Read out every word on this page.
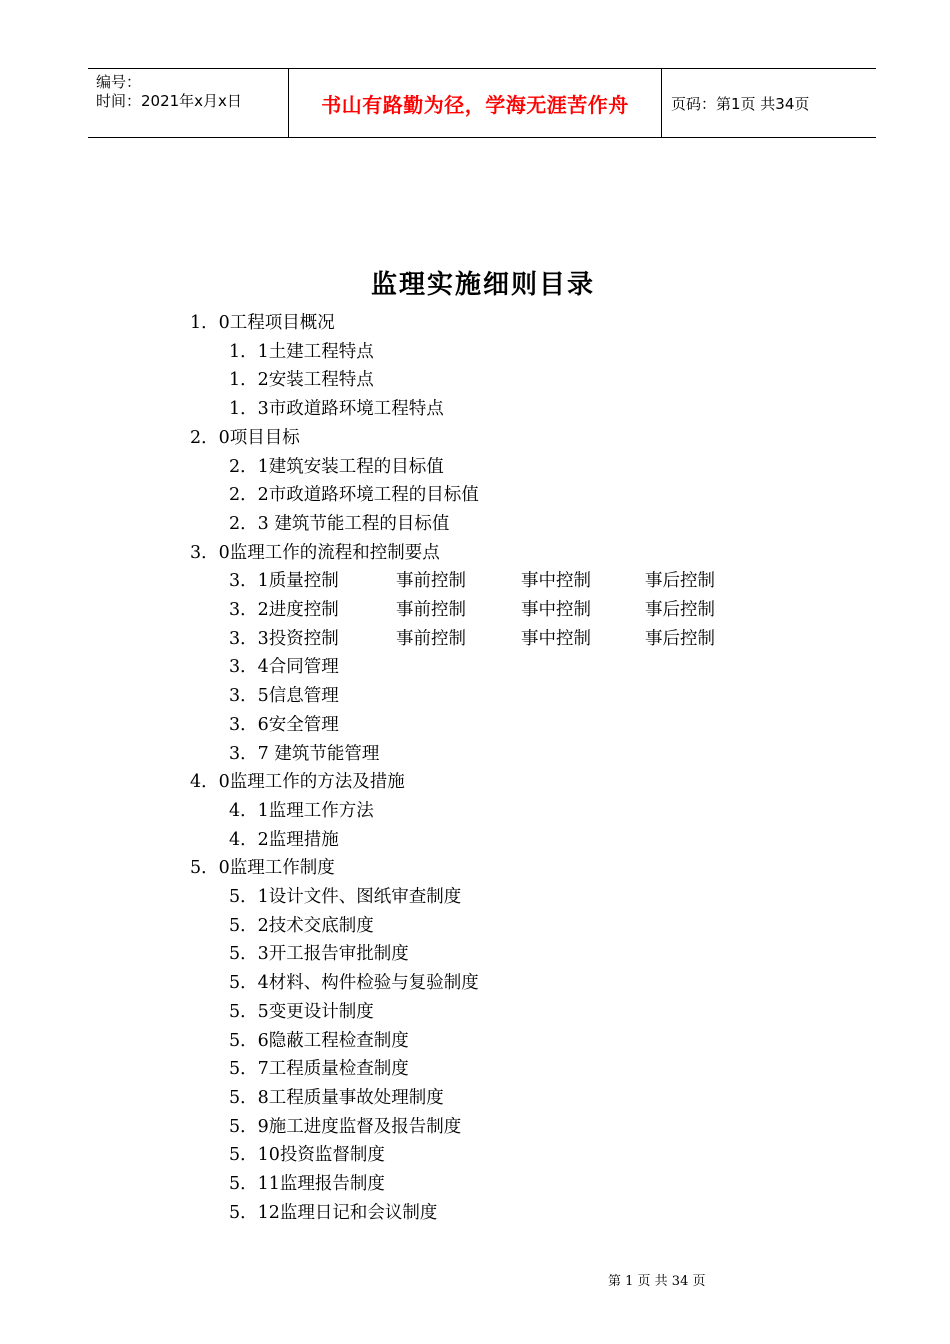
编号：
时间：2021年x月x日	书山有路勤为径，学海无涯苦作舟	页码：第1页 共34页
监理实施细则目录
1．0工程项目概况
1．1土建工程特点
1．2安装工程特点
1．3市政道路环境工程特点
2．0项目目标
2．1建筑安装工程的目标值
2．2市政道路环境工程的目标值
2．3 建筑节能工程的目标值
3．0监理工作的流程和控制要点
3．1质量控制	事前控制	事中控制	事后控制
3．2进度控制	事前控制	事中控制	事后控制
3．3投资控制	事前控制	事中控制	事后控制
3．4合同管理
3．5信息管理
3．6安全管理
3．7 建筑节能管理
4．0监理工作的方法及措施
4．1监理工作方法
4．2监理措施
5．0监理工作制度
5．1设计文件、图纸审查制度
5．2技术交底制度
5．3开工报告审批制度
5．4材料、构件检验与复验制度
5．5变更设计制度
5．6隐蔽工程检查制度
5．7工程质量检查制度
5．8工程质量事故处理制度
5．9施工进度监督及报告制度
5．10投资监督制度
5．11监理报告制度
5．12监理日记和会议制度
第 1 页 共 34 页
